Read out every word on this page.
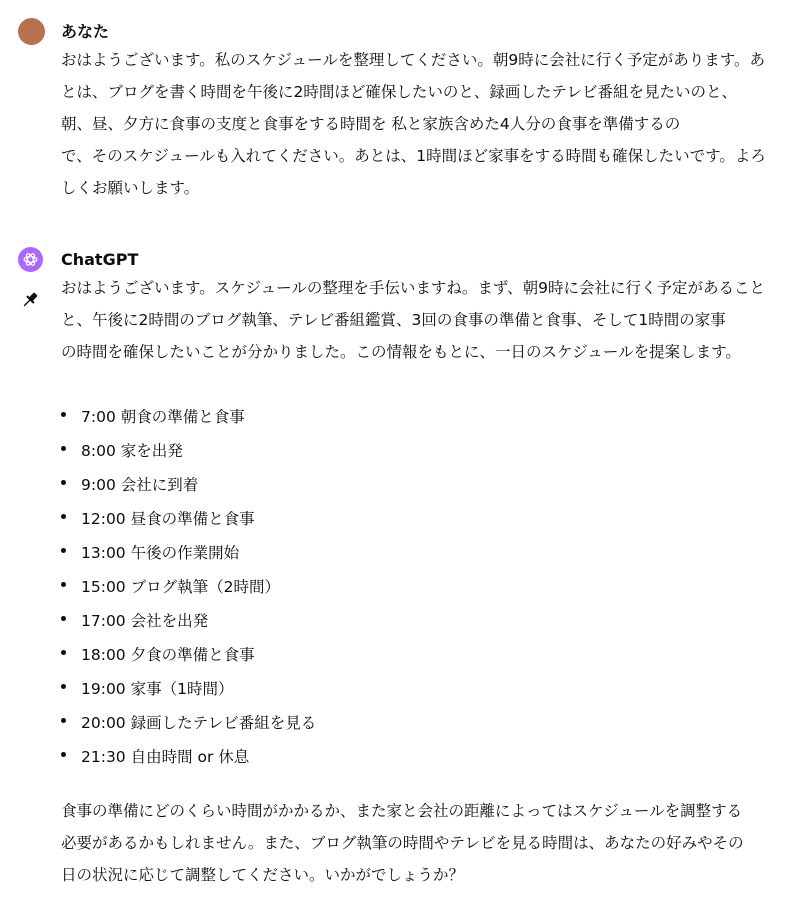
あなた
おはようございます。私のスケジュールを整理してください。朝9時に会社に行く予定があります。あ
とは、ブログを書く時間を午後に2時間ほど確保したいのと、録画したテレビ番組を見たいのと、
朝、昼、夕方に食事の支度と食事をする時間を 私と家族含めた4人分の食事を準備するの
で、そのスケジュールも入れてください。あとは、1時間ほど家事をする時間も確保したいです。よろ
しくお願いします。
ChatGPT
おはようございます。スケジュールの整理を手伝いますね。まず、朝9時に会社に行く予定があること
と、午後に2時間のブログ執筆、テレビ番組鑑賞、3回の食事の準備と食事、そして1時間の家事
の時間を確保したいことが分かりました。この情報をもとに、一日のスケジュールを提案します。
7:00 朝食の準備と食事
8:00 家を出発
9:00 会社に到着
12:00 昼食の準備と食事
13:00 午後の作業開始
15:00 ブログ執筆（2時間）
17:00 会社を出発
18:00 夕食の準備と食事
19:00 家事（1時間）
20:00 録画したテレビ番組を見る
21:30 自由時間 or 休息
食事の準備にどのくらい時間がかかるか、また家と会社の距離によってはスケジュールを調整する
必要があるかもしれません。また、ブログ執筆の時間やテレビを見る時間は、あなたの好みやその
日の状況に応じて調整してください。いかがでしょうか？
